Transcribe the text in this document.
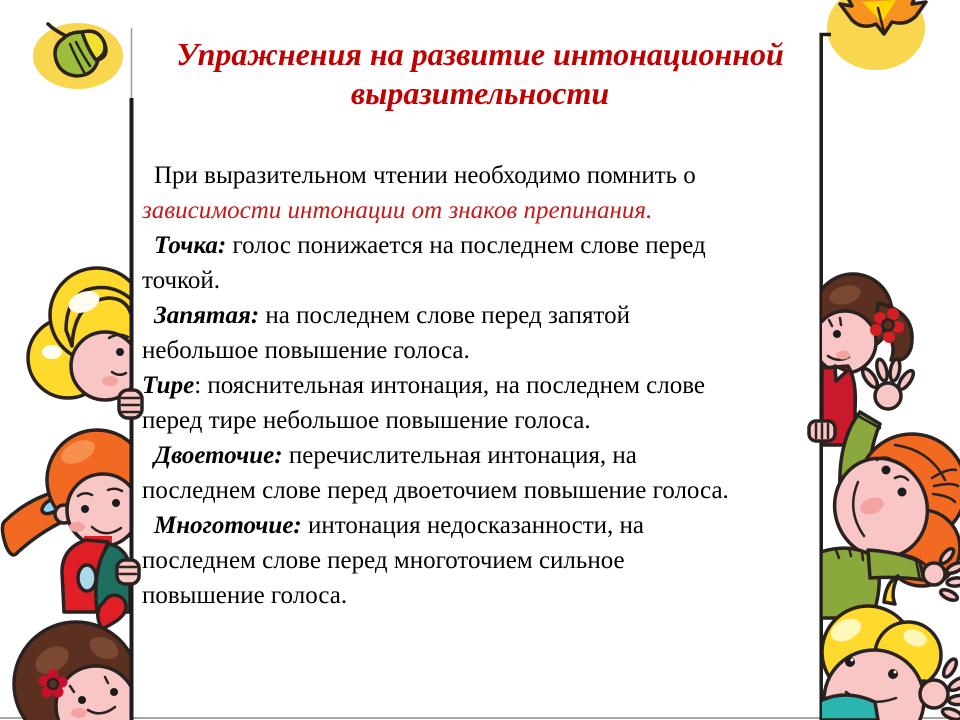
Упражнения на развитие интонационной выразительности

При выразительном чтении необходимо помнить о зависимости интонации от знаков препинания.

Точка: голос понижается на последнем слове перед точкой.

Запятая: на последнем слове перед запятой небольшое повышение голоса.

Тире: пояснительная интонация, на последнем слове перед тире небольшое повышение голоса.

Двоеточие: перечислительная интонация, на последнем слове перед двоеточием повышение голоса.

Многоточие: интонация недосказанности, на последнем слове перед многоточием сильное повышение голоса.
